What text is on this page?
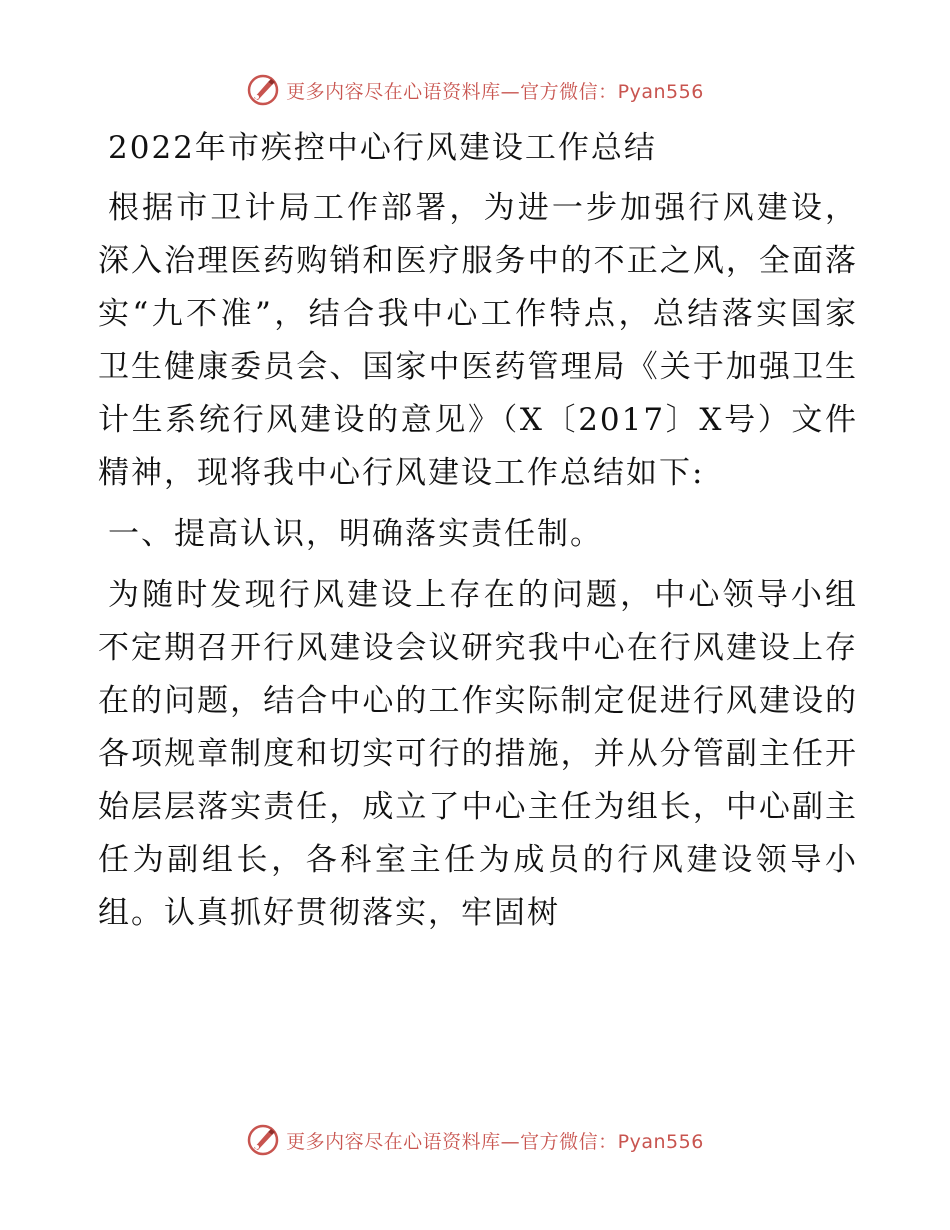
更多内容尽在心语资料库—官方微信：Pyan556
2022年市疾控中心行风建设工作总结

根据市卫计局工作部署，为进一步加强行风建设，深入治理医药购销和医疗服务中的不正之风，全面落实“九不准”，结合我中心工作特点，总结落实国家卫生健康委员会、国家中医药管理局《关于加强卫生计生系统行风建设的意见》（X〔2017〕X号）文件精神，现将我中心行风建设工作总结如下:

一、提高认识，明确落实责任制。

为随时发现行风建设上存在的问题，中心领导小组不定期召开行风建设会议研究我中心在行风建设上存在的问题，结合中心的工作实际制定促进行风建设的各项规章制度和切实可行的措施，并从分管副主任开始层层落实责任，成立了中心主任为组长，中心副主任为副组长，各科室主任为成员的行风建设领导小组。认真抓好贯彻落实，牢固树

更多内容尽在心语资料库—官方微信：Pyan556
